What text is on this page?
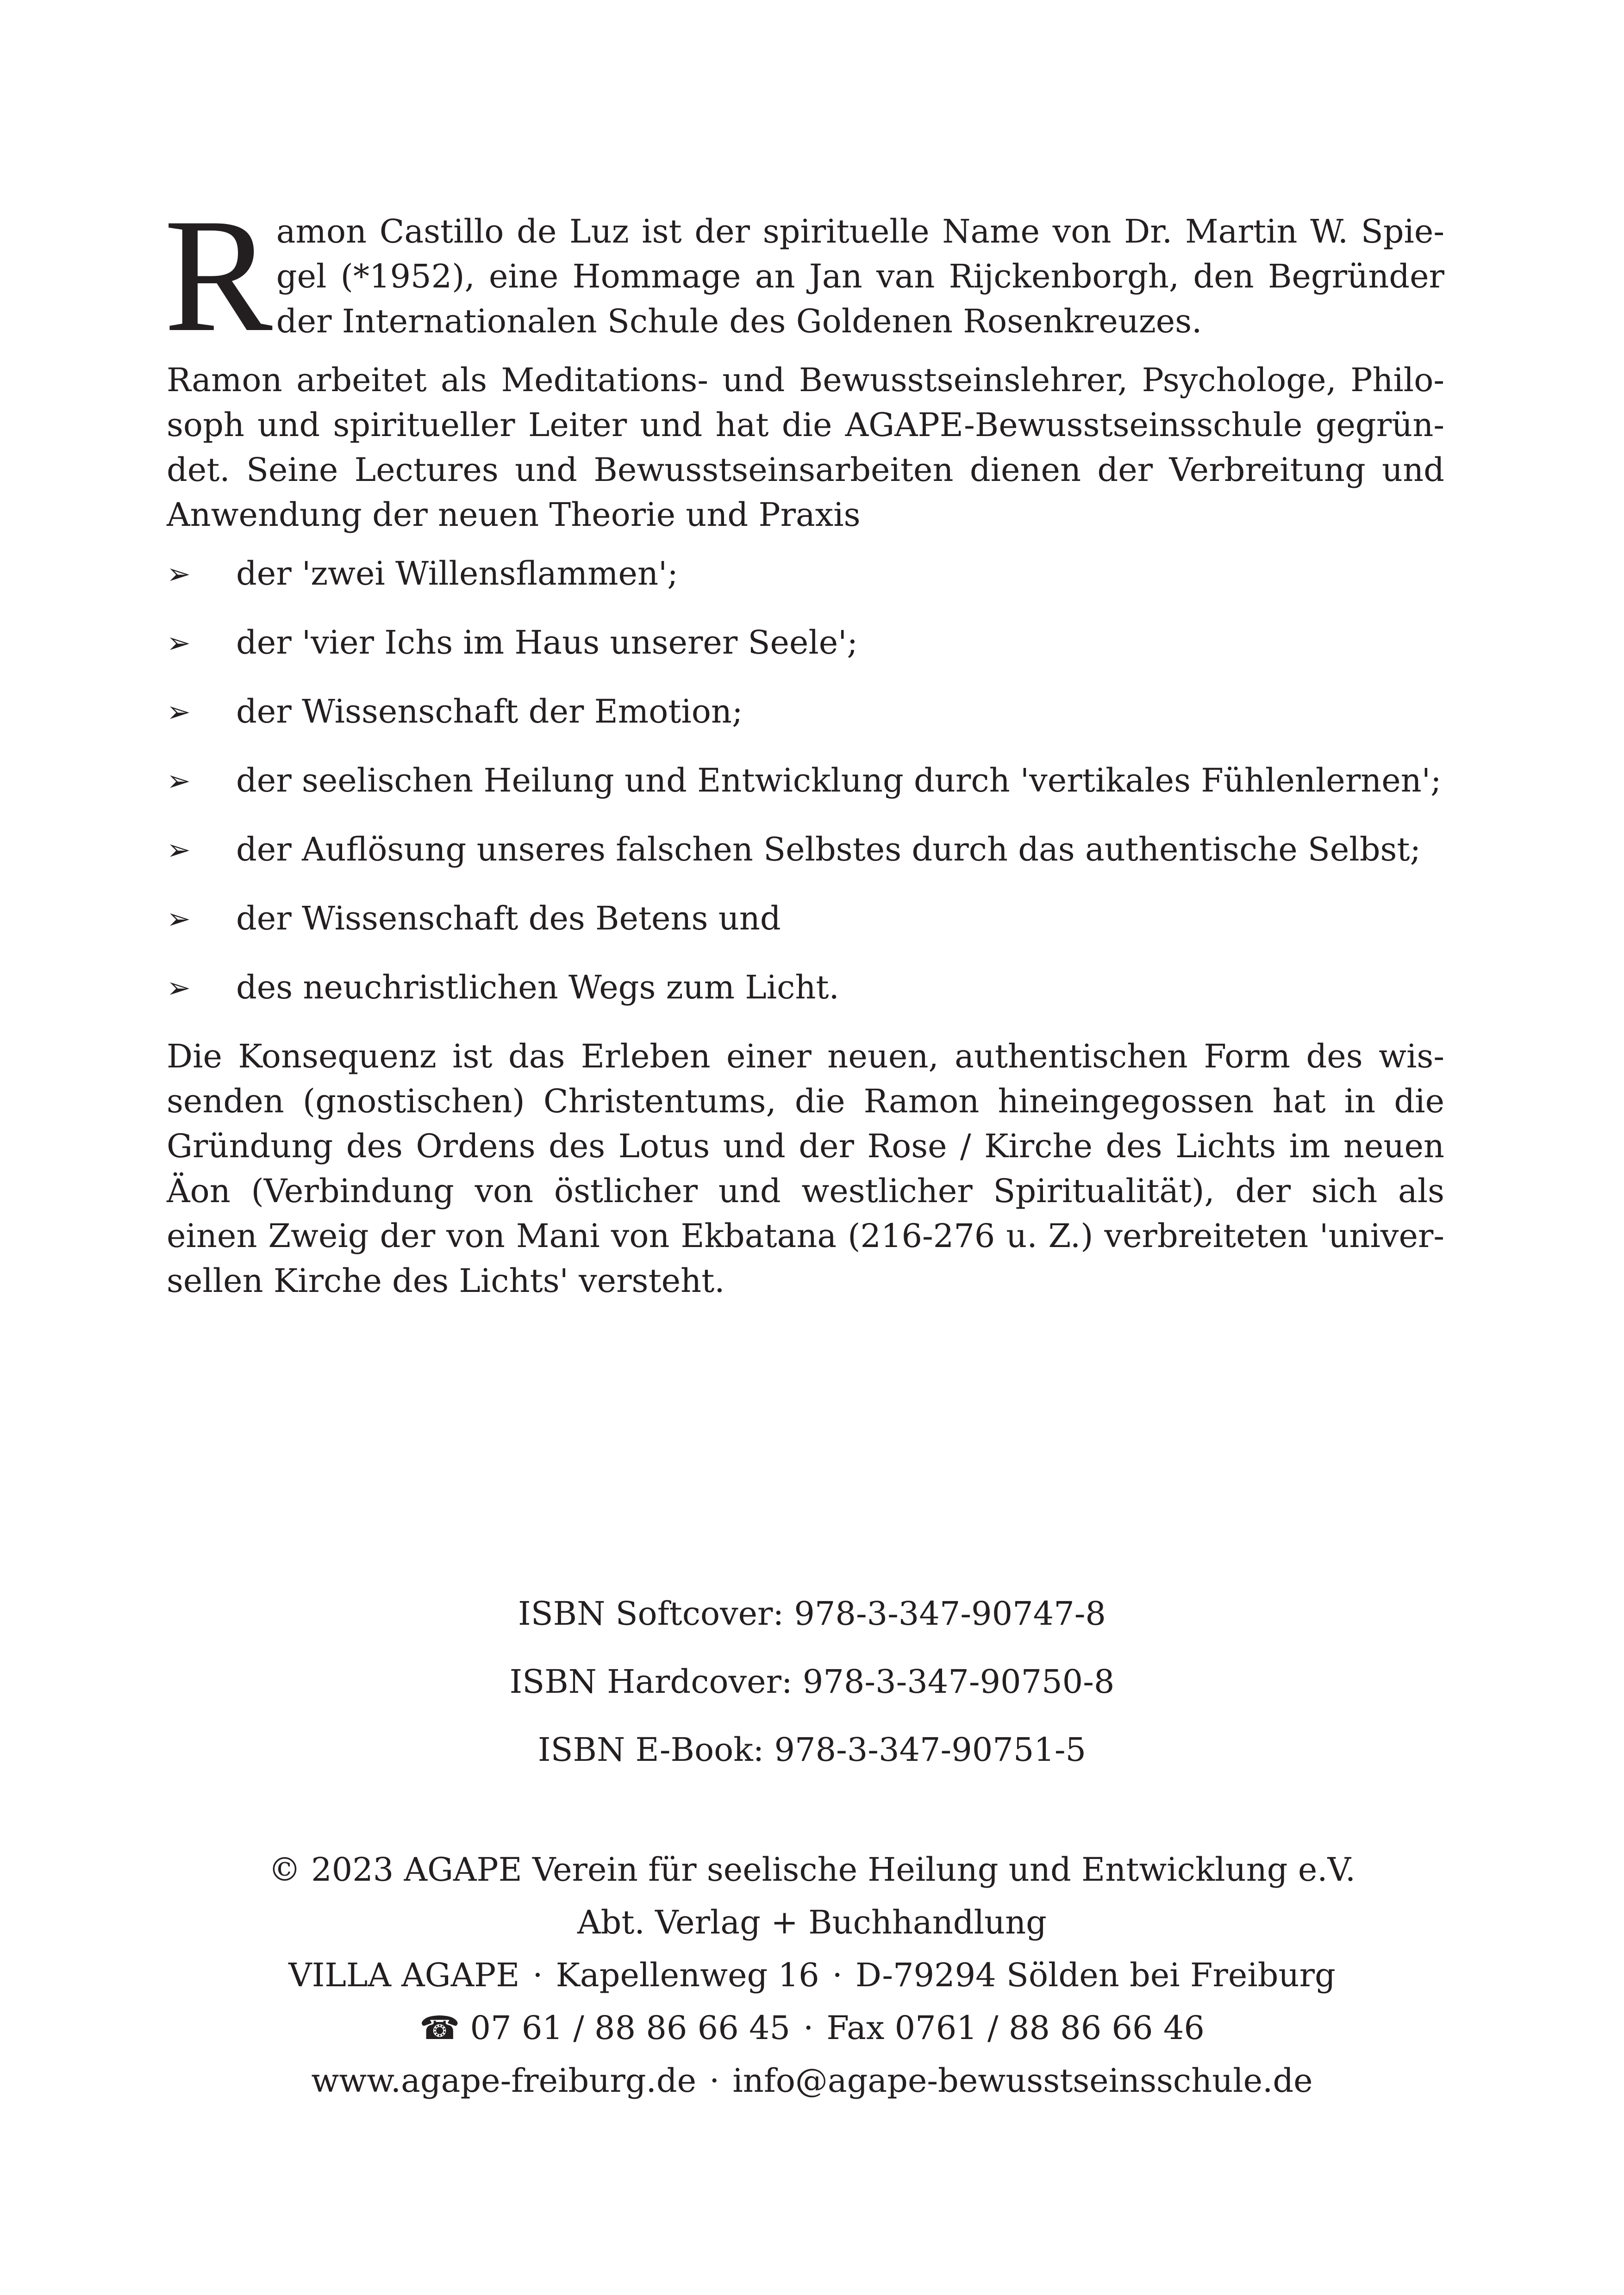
Ramon Castillo de Luz ist der spirituelle Name von Dr. Martin W. Spiegel (*1952), eine Hommage an Jan van Rijckenborgh, den Begründer der Internationalen Schule des Goldenen Rosenkreuzes.

Ramon arbeitet als Meditations- und Bewusstseinslehrer, Psychologe, Philosoph und spiritueller Leiter und hat die AGAPE-Bewusstseinsschule gegründet. Seine Lectures und Bewusstseinsarbeiten dienen der Verbreitung und Anwendung der neuen Theorie und Praxis

➢ der 'zwei Willensflammen';
➢ der 'vier Ichs im Haus unserer Seele';
➢ der Wissenschaft der Emotion;
➢ der seelischen Heilung und Entwicklung durch 'vertikales Fühlenlernen';
➢ der Auflösung unseres falschen Selbstes durch das authentische Selbst;
➢ der Wissenschaft des Betens und
➢ des neuchristlichen Wegs zum Licht.

Die Konsequenz ist das Erleben einer neuen, authentischen Form des wissenden (gnostischen) Christentums, die Ramon hineingegossen hat in die Gründung des Ordens des Lotus und der Rose / Kirche des Lichts im neuen Äon (Verbindung von östlicher und westlicher Spiritualität), der sich als einen Zweig der von Mani von Ekbatana (216-276 u. Z.) verbreiteten 'universellen Kirche des Lichts' versteht.

ISBN Softcover: 978-3-347-90747-8
ISBN Hardcover: 978-3-347-90750-8
ISBN E-Book: 978-3-347-90751-5
© 2023 AGAPE Verein für seelische Heilung und Entwicklung e.V.
Abt. Verlag + Buchhandlung
VILLA AGAPE · Kapellenweg 16 · D-79294 Sölden bei Freiburg
☎ 07 61 / 88 86 66 45 · Fax 0761 / 88 86 66 46
www.agape-freiburg.de · info@agape-bewusstseinsschule.de
